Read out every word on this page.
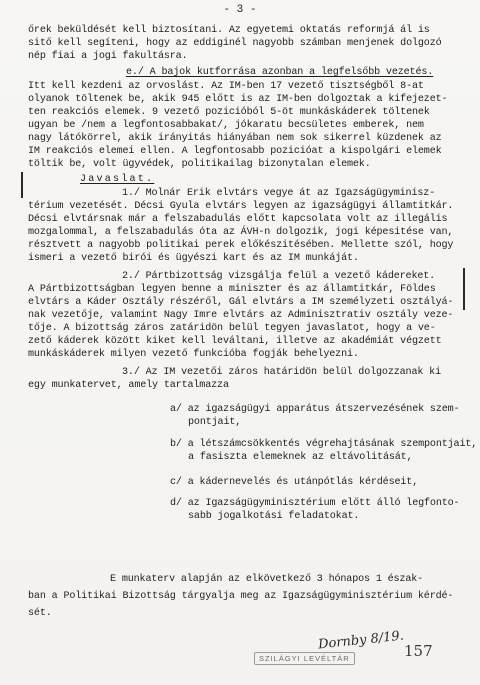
- 3 -
őrek beküldését kell biztosítani. Az egyetemi oktatás reformjá ál is
sitő kell segíteni, hogy az eddiginél nagyobb számban menjenek dolgozó
nép fiai a jogi fakultásra.
e./ A bajok kutforrása azonban a legfelsőbb vezetés.
Itt kell kezdeni az orvoslást. Az IM-ben 17 vezető tisztségből 8-at
olyanok töltenek be, akik 945 előtt is az IM-ben dolgoztak a kifejezet-
ten reakciós elemek. 9 vezető pozicióból 5-öt munkáskáderek töltenek
ugyan be /nem a legfontosabbakat/, jókaratu becsületes emberek, nem
nagy látókörrel, akik irányitás hiányában nem sok sikerrel küzdenek az
IM reakciós elemei ellen. A legfontosabb pozicióat a kispolgári elemek
töltik be, volt ügyvédek, politikailag bizonytalan elemek.
Javaslat.
1./ Molnár Erik elvtárs vegye át az Igazságügyminisz-
térium vezetését. Décsi Gyula elvtárs legyen az igazságügyi államtitkár.
Décsi elvtársnak már a felszabadulás előtt kapcsolata volt az illegális
mozgalommal, a felszabadulás óta az ÁVH-n dolgozik, jogi képesitése van,
résztvett a nagyobb politikai perek előkészitésében. Mellette szól, hogy
ismeri a vezető birói és ügyészi kart és az IM munkáját.
2./ Pártbizottság vizsgálja felül a vezető kádereket.
A Pártbizottságban legyen benne a miniszter és az államtitkár, Földes
elvtárs a Káder Osztály részéről, Gál elvtárs a IM személyzeti osztályá-
nak vezetője, valamint Nagy Imre elvtárs az Adminisztrativ osztály veze-
tője. A bizottság záros zatáridön belül tegyen javaslatot, hogy a ve-
zető káderek között kiket kell leváltani, illetve az akadémiát végzett
munkáskáderek milyen vezető funkcióba fogják behelyezni.
3./ Az IM vezetői záros határidön belül dolgozzanak ki
egy munkatervet, amely tartalmazza
a/ az igazságügyi apparátus átszervezésének szem-
pontjait,
b/ a létszámcsökkentés végrehajtásának szempontjait,
a fasiszta elemeknek az eltávolitását,
c/ a kádernevelés és utánpótlás kérdéseit,
d/ az Igazságügyminisztérium előtt álló legfonto-
sabb jogalkotási feladatokat.
E munkaterv alapján az elkövetkező 3 hónapos 1 észak-
ban a Politikai Bizottság tárgyalja meg az Igazságügyminisztérium kérdé-
sét.
Dornby 8/19.
SZILÁGYI LEVÉLTÁR	157
